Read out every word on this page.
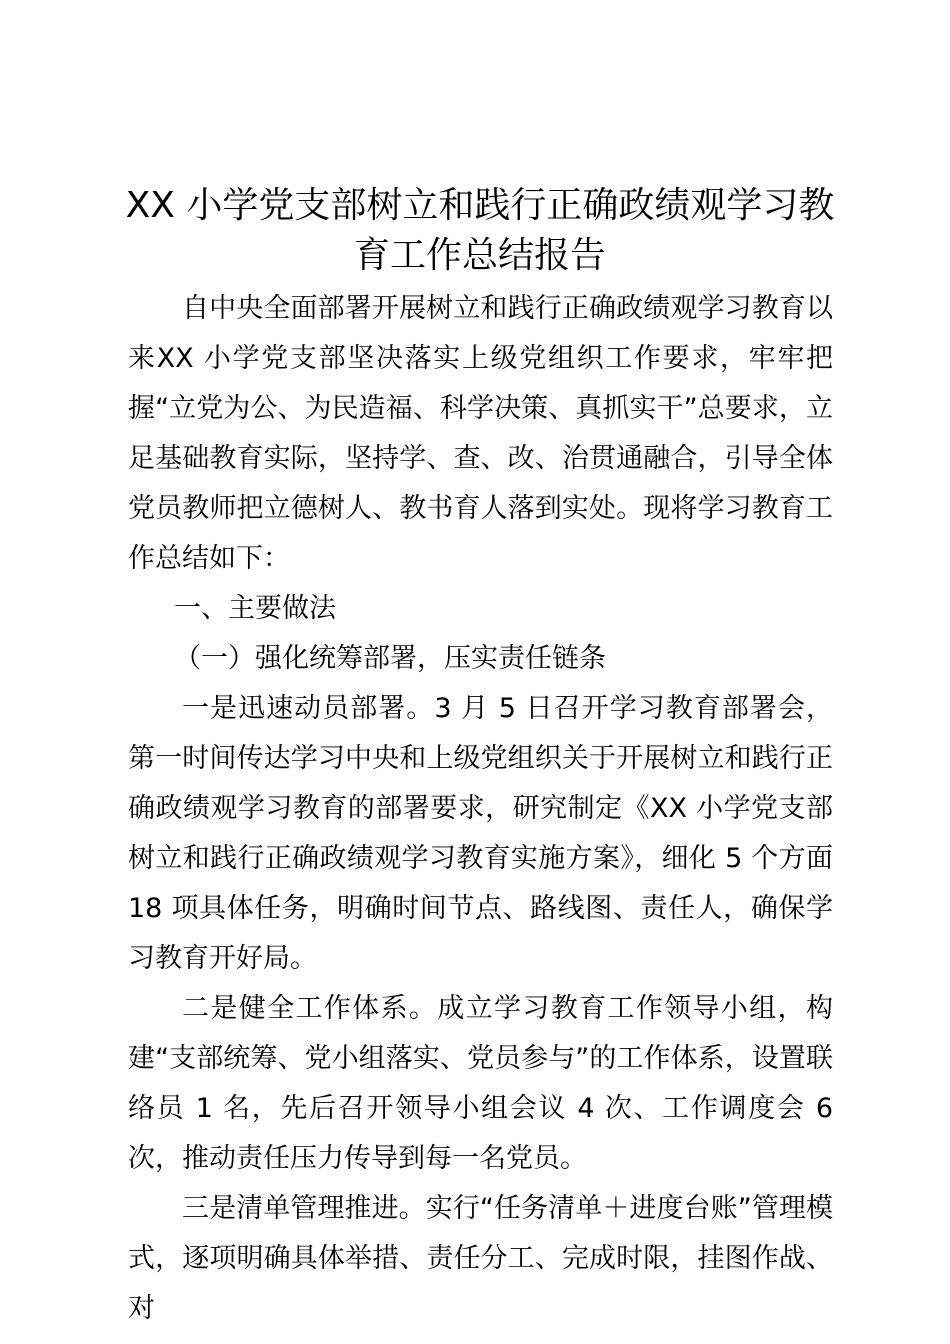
XX 小学党支部树立和践行正确政绩观学习教
育工作总结报告

自中央全面部署开展树立和践行正确政绩观学习教育以来XX 小学党支部坚决落实上级党组织工作要求，牢牢把握“立党为公、为民造福、科学决策、真抓实干”总要求，立足基础教育实际，坚持学、查、改、治贯通融合，引导全体党员教师把立德树人、教书育人落到实处。现将学习教育工作总结如下：

一、主要做法

（一）强化统筹部署，压实责任链条

一是迅速动员部署。3 月 5 日召开学习教育部署会，第一时间传达学习中央和上级党组织关于开展树立和践行正确政绩观学习教育的部署要求，研究制定《XX 小学党支部树立和践行正确政绩观学习教育实施方案》，细化 5 个方面 18 项具体任务，明确时间节点、路线图、责任人，确保学习教育开好局。

二是健全工作体系。成立学习教育工作领导小组，构建“支部统筹、党小组落实、党员参与”的工作体系，设置联络员 1 名，先后召开领导小组会议 4 次、工作调度会 6 次，推动责任压力传导到每一名党员。

三是清单管理推进。实行“任务清单＋进度台账”管理模式，逐项明确具体举措、责任分工、完成时限，挂图作战、对
